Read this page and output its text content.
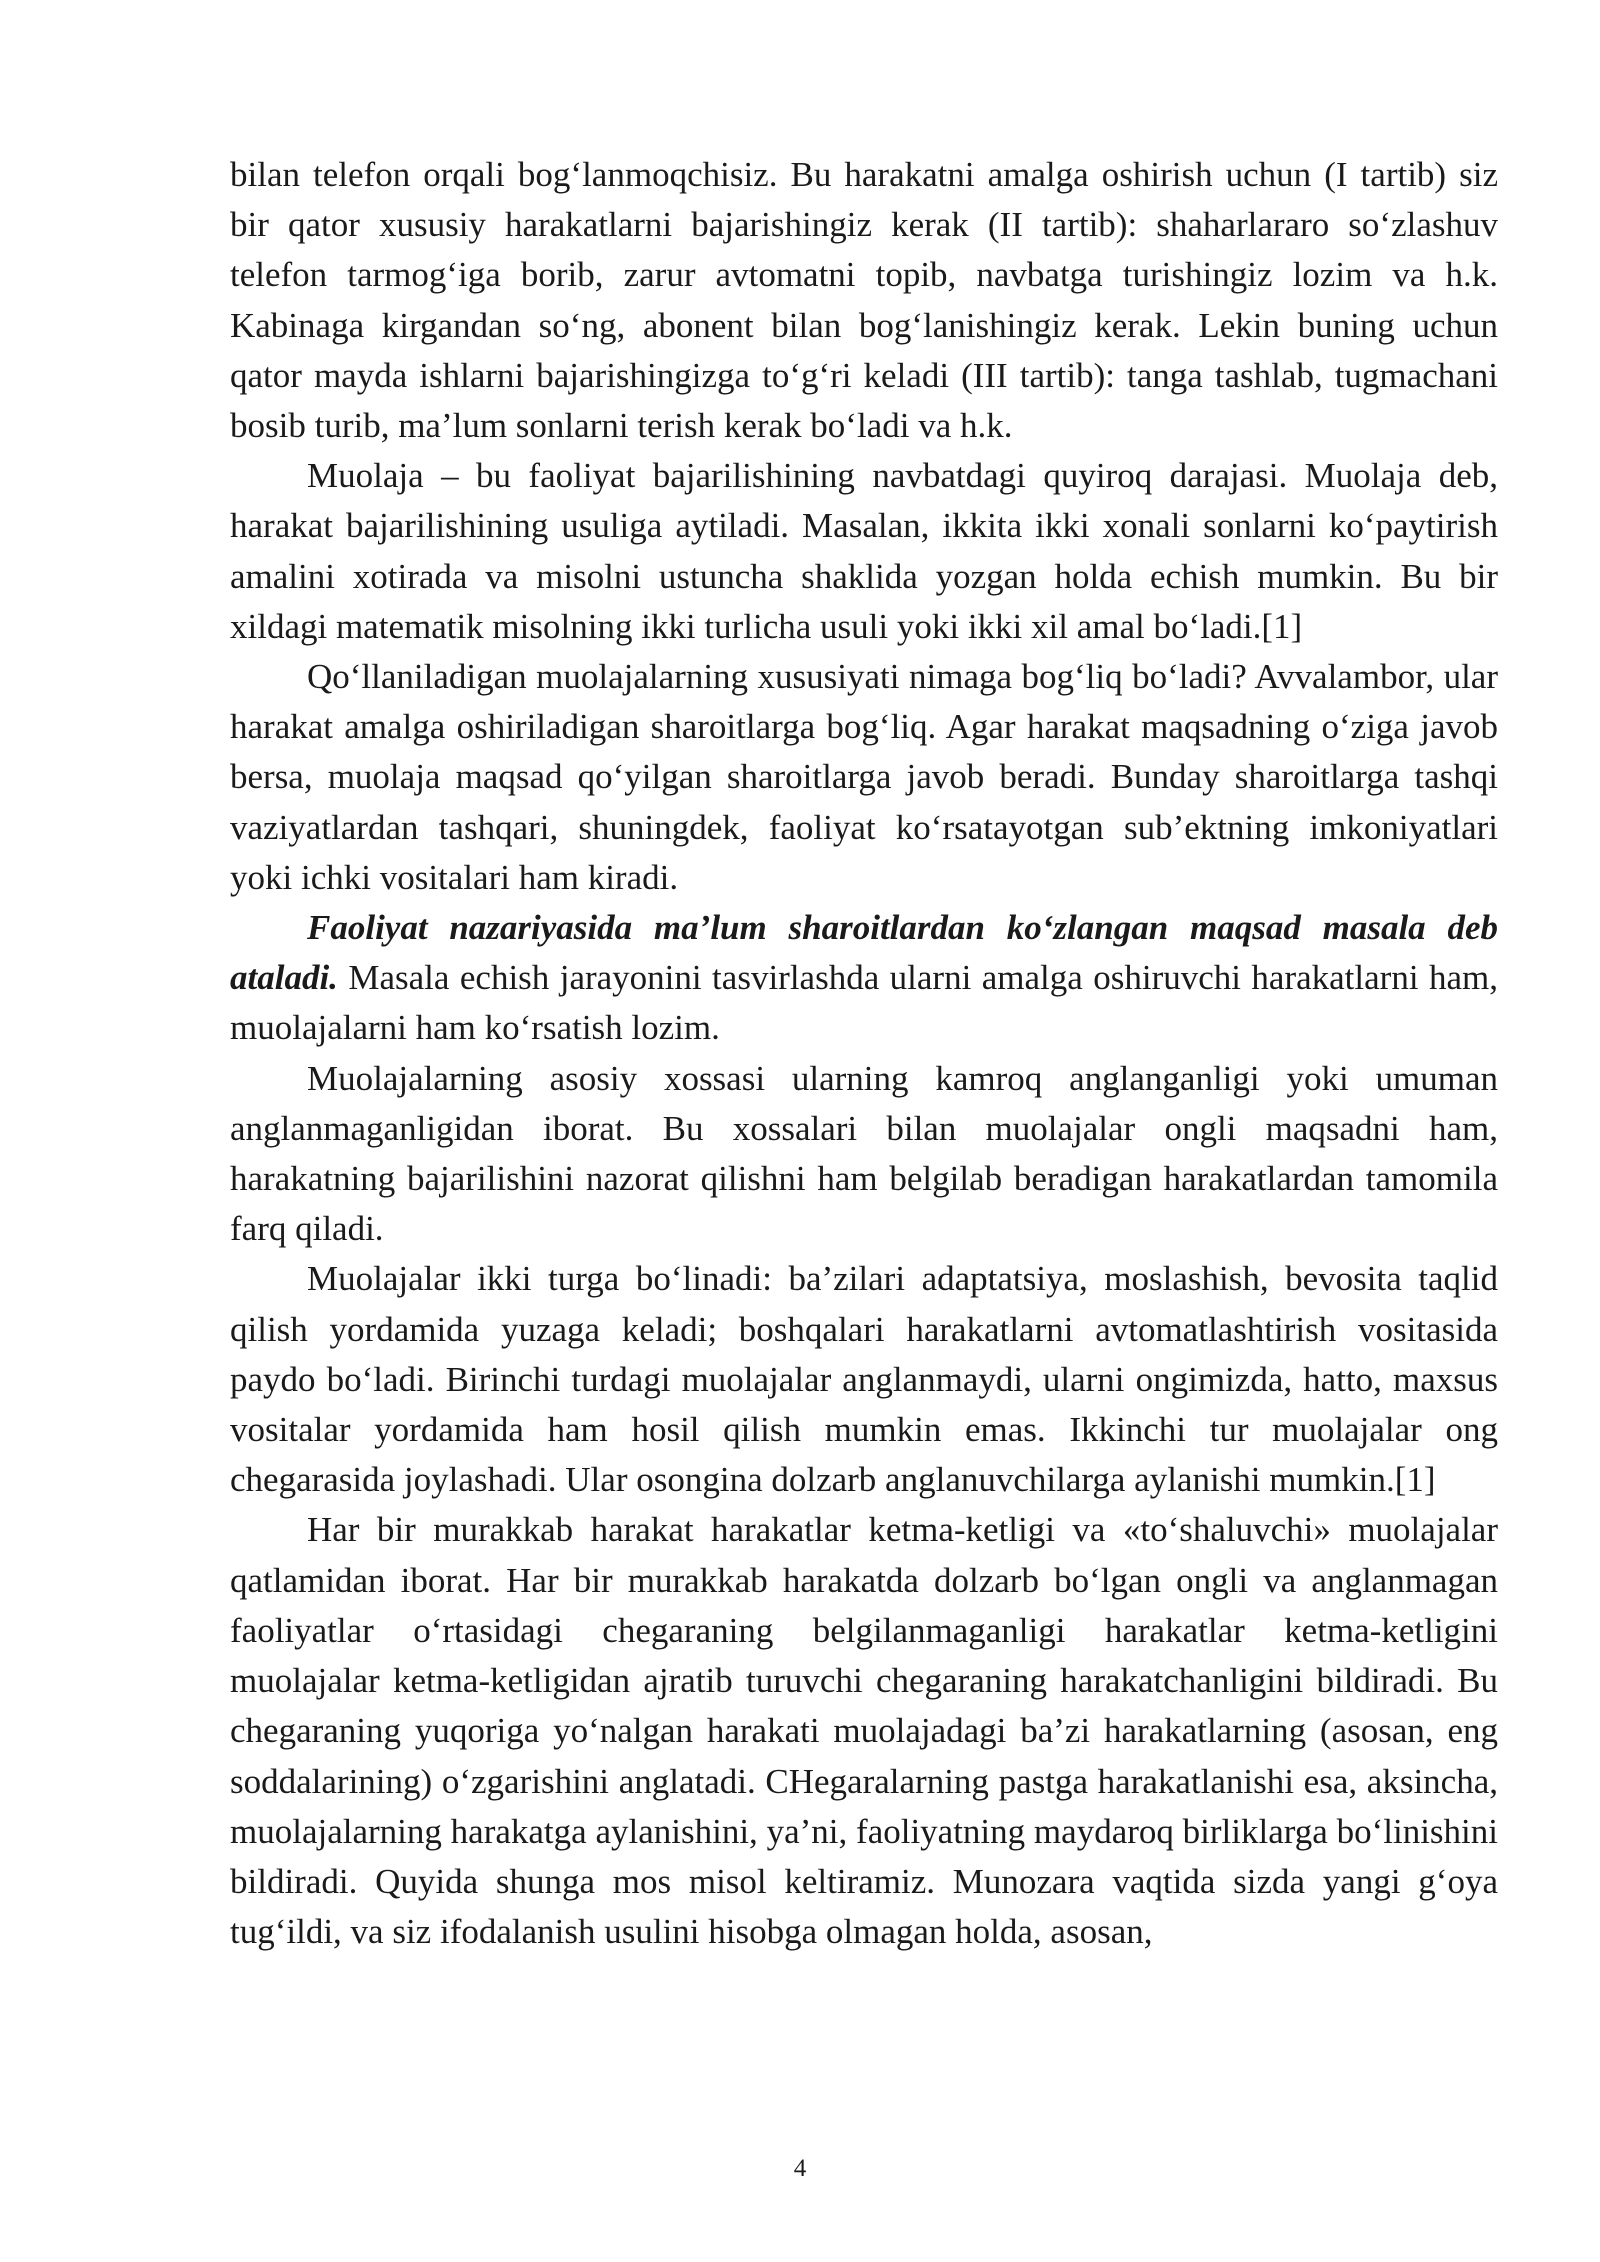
bilan telefon orqali bog‘lanmoqchisiz. Bu harakatni amalga oshirish uchun (I tartib) siz bir qator xususiy harakatlarni bajarishingiz kerak (II tartib): shaharlararo so‘zlashuv telefon tarmog‘iga borib, zarur avtomatni topib, navbatga turishingiz lozim va h.k. Kabinaga kirgandan so‘ng, abonent bilan bog‘lanishingiz kerak. Lekin buning uchun qator mayda ishlarni bajarishingizga to‘g‘ri keladi (III tartib): tanga tashlab, tugmachani bosib turib, ma’lum sonlarni terish kerak bo‘ladi va h.k.

Muolaja – bu faoliyat bajarilishining navbatdagi quyiroq darajasi. Muolaja deb, harakat bajarilishining usuliga aytiladi. Masalan, ikkita ikki xonali sonlarni ko‘paytirish amalini xotirada va misolni ustuncha shaklida yozgan holda echish mumkin. Bu bir xildagi matematik misolning ikki turlicha usuli yoki ikki xil amal bo‘ladi.[1]

Qo‘llaniladigan muolajalarning xususiyati nimaga bog‘liq bo‘ladi? Avvalambor, ular harakat amalga oshiriladigan sharoitlarga bog‘liq. Agar harakat maqsadning o‘ziga javob bersa, muolaja maqsad qo‘yilgan sharoitlarga javob beradi. Bunday sharoitlarga tashqi vaziyatlardan tashqari, shuningdek, faoliyat ko‘rsatayotgan sub’ektning imkoniyatlari yoki ichki vositalari ham kiradi.

Faoliyat nazariyasida ma’lum sharoitlardan ko‘zlangan maqsad masala deb ataladi. Masala echish jarayonini tasvirlashda ularni amalga oshiruvchi harakatlarni ham, muolajalarni ham ko‘rsatish lozim.

Muolajalarning asosiy xossasi ularning kamroq anglanganligi yoki umuman anglanmaganligidan iborat. Bu xossalari bilan muolajalar ongli maqsadni ham, harakatning bajarilishini nazorat qilishni ham belgilab beradigan harakatlardan tamomila farq qiladi.

Muolajalar ikki turga bo‘linadi: ba’zilari adaptatsiya, moslashish, bevosita taqlid qilish yordamida yuzaga keladi; boshqalari harakatlarni avtomatlashtirish vositasida paydo bo‘ladi. Birinchi turdagi muolajalar anglanmaydi, ularni ongimizda, hatto, maxsus vositalar yordamida ham hosil qilish mumkin emas. Ikkinchi tur muolajalar ong chegarasida joylashadi. Ular osongina dolzarb anglanuvchilarga aylanishi mumkin.[1]

Har bir murakkab harakat harakatlar ketma-ketligi va «to‘shaluvchi» muolajalar qatlamidan iborat. Har bir murakkab harakatda dolzarb bo‘lgan ongli va anglanmagan faoliyatlar o‘rtasidagi chegaraning belgilanmaganligi harakatlar ketma-ketligini muolajalar ketma-ketligidan ajratib turuvchi chegaraning harakatchanligini bildiradi. Bu chegaraning yuqoriga yo‘nalgan harakati muolajadagi ba’zi harakatlarning (asosan, eng soddalarining) o‘zgarishini anglatadi. CHegaralarning pastga harakatlanishi esa, aksincha, muolajalarning harakatga aylanishini, ya’ni, faoliyatning maydaroq birliklarga bo‘linishini bildiradi. Quyida shunga mos misol keltiramiz. Munozara vaqtida sizda yangi g‘oya tug‘ildi, va siz ifodalanish usulini hisobga olmagan holda, asosan,

4
